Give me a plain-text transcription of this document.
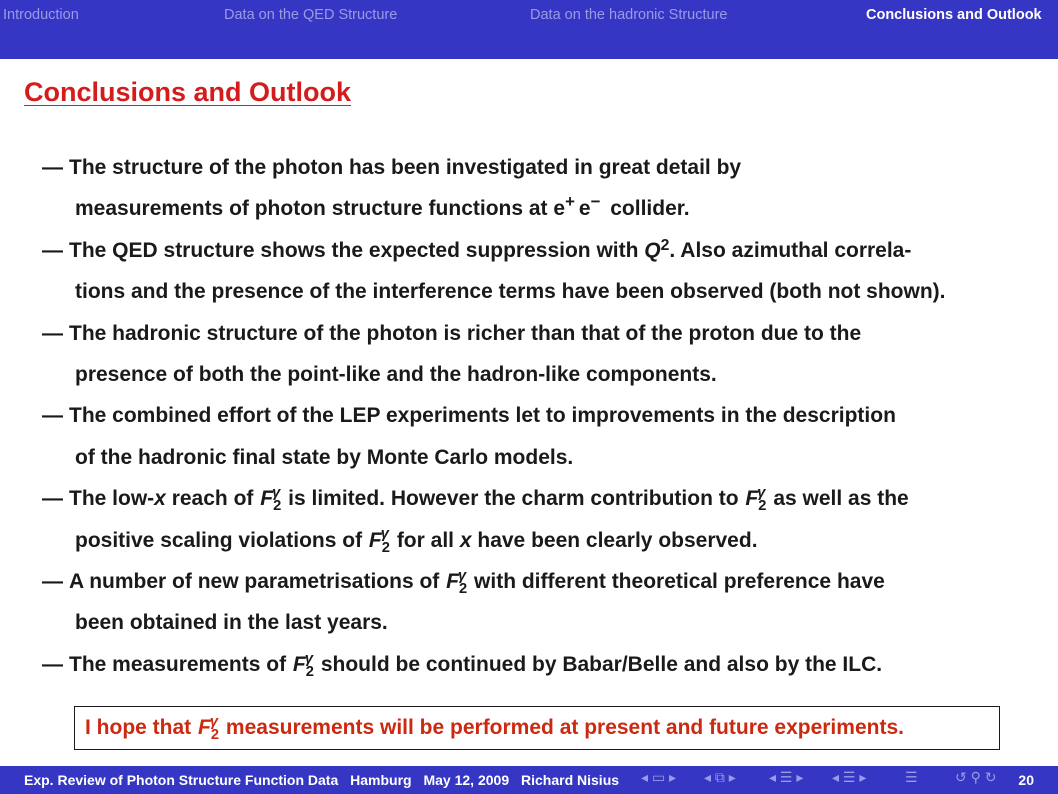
Introduction	Data on the QED Structure	Data on the hadronic Structure	Conclusions and Outlook
Conclusions and Outlook
— The structure of the photon has been investigated in great detail by
measurements of photon structure functions at e+ e− collider.
— The QED structure shows the expected suppression with $Q^2$. Also azimuthal correla-
tions and the presence of the interference terms have been observed (both not shown).
— The hadronic structure of the photon is richer than that of the proton due to the
presence of both the point-like and the hadron-like components.
— The combined effort of the LEP experiments let to improvements in the description
of the hadronic final state by Monte Carlo models.
— The low-x reach of $F_2^\gamma$ is limited. However the charm contribution to $F_2^\gamma$ as well as the
positive scaling violations of $F_2^\gamma$ for all x have been clearly observed.
— A number of new parametrisations of $F_2^\gamma$ with different theoretical preference have
been obtained in the last years.
— The measurements of $F_2^\gamma$ should be continued by Babar/Belle and also by the ILC.
I hope that $F_2^\gamma$ measurements will be performed at present and future experiments.
Exp. Review of Photon Structure Function Data Hamburg May 12, 2009 Richard Nisius	◂ ▭ ▸ ◂ ⧉ ▸ ◂ ☰ ▸ ◂ ☰ ▸	☰	↺ ⚲ ↻ 20
